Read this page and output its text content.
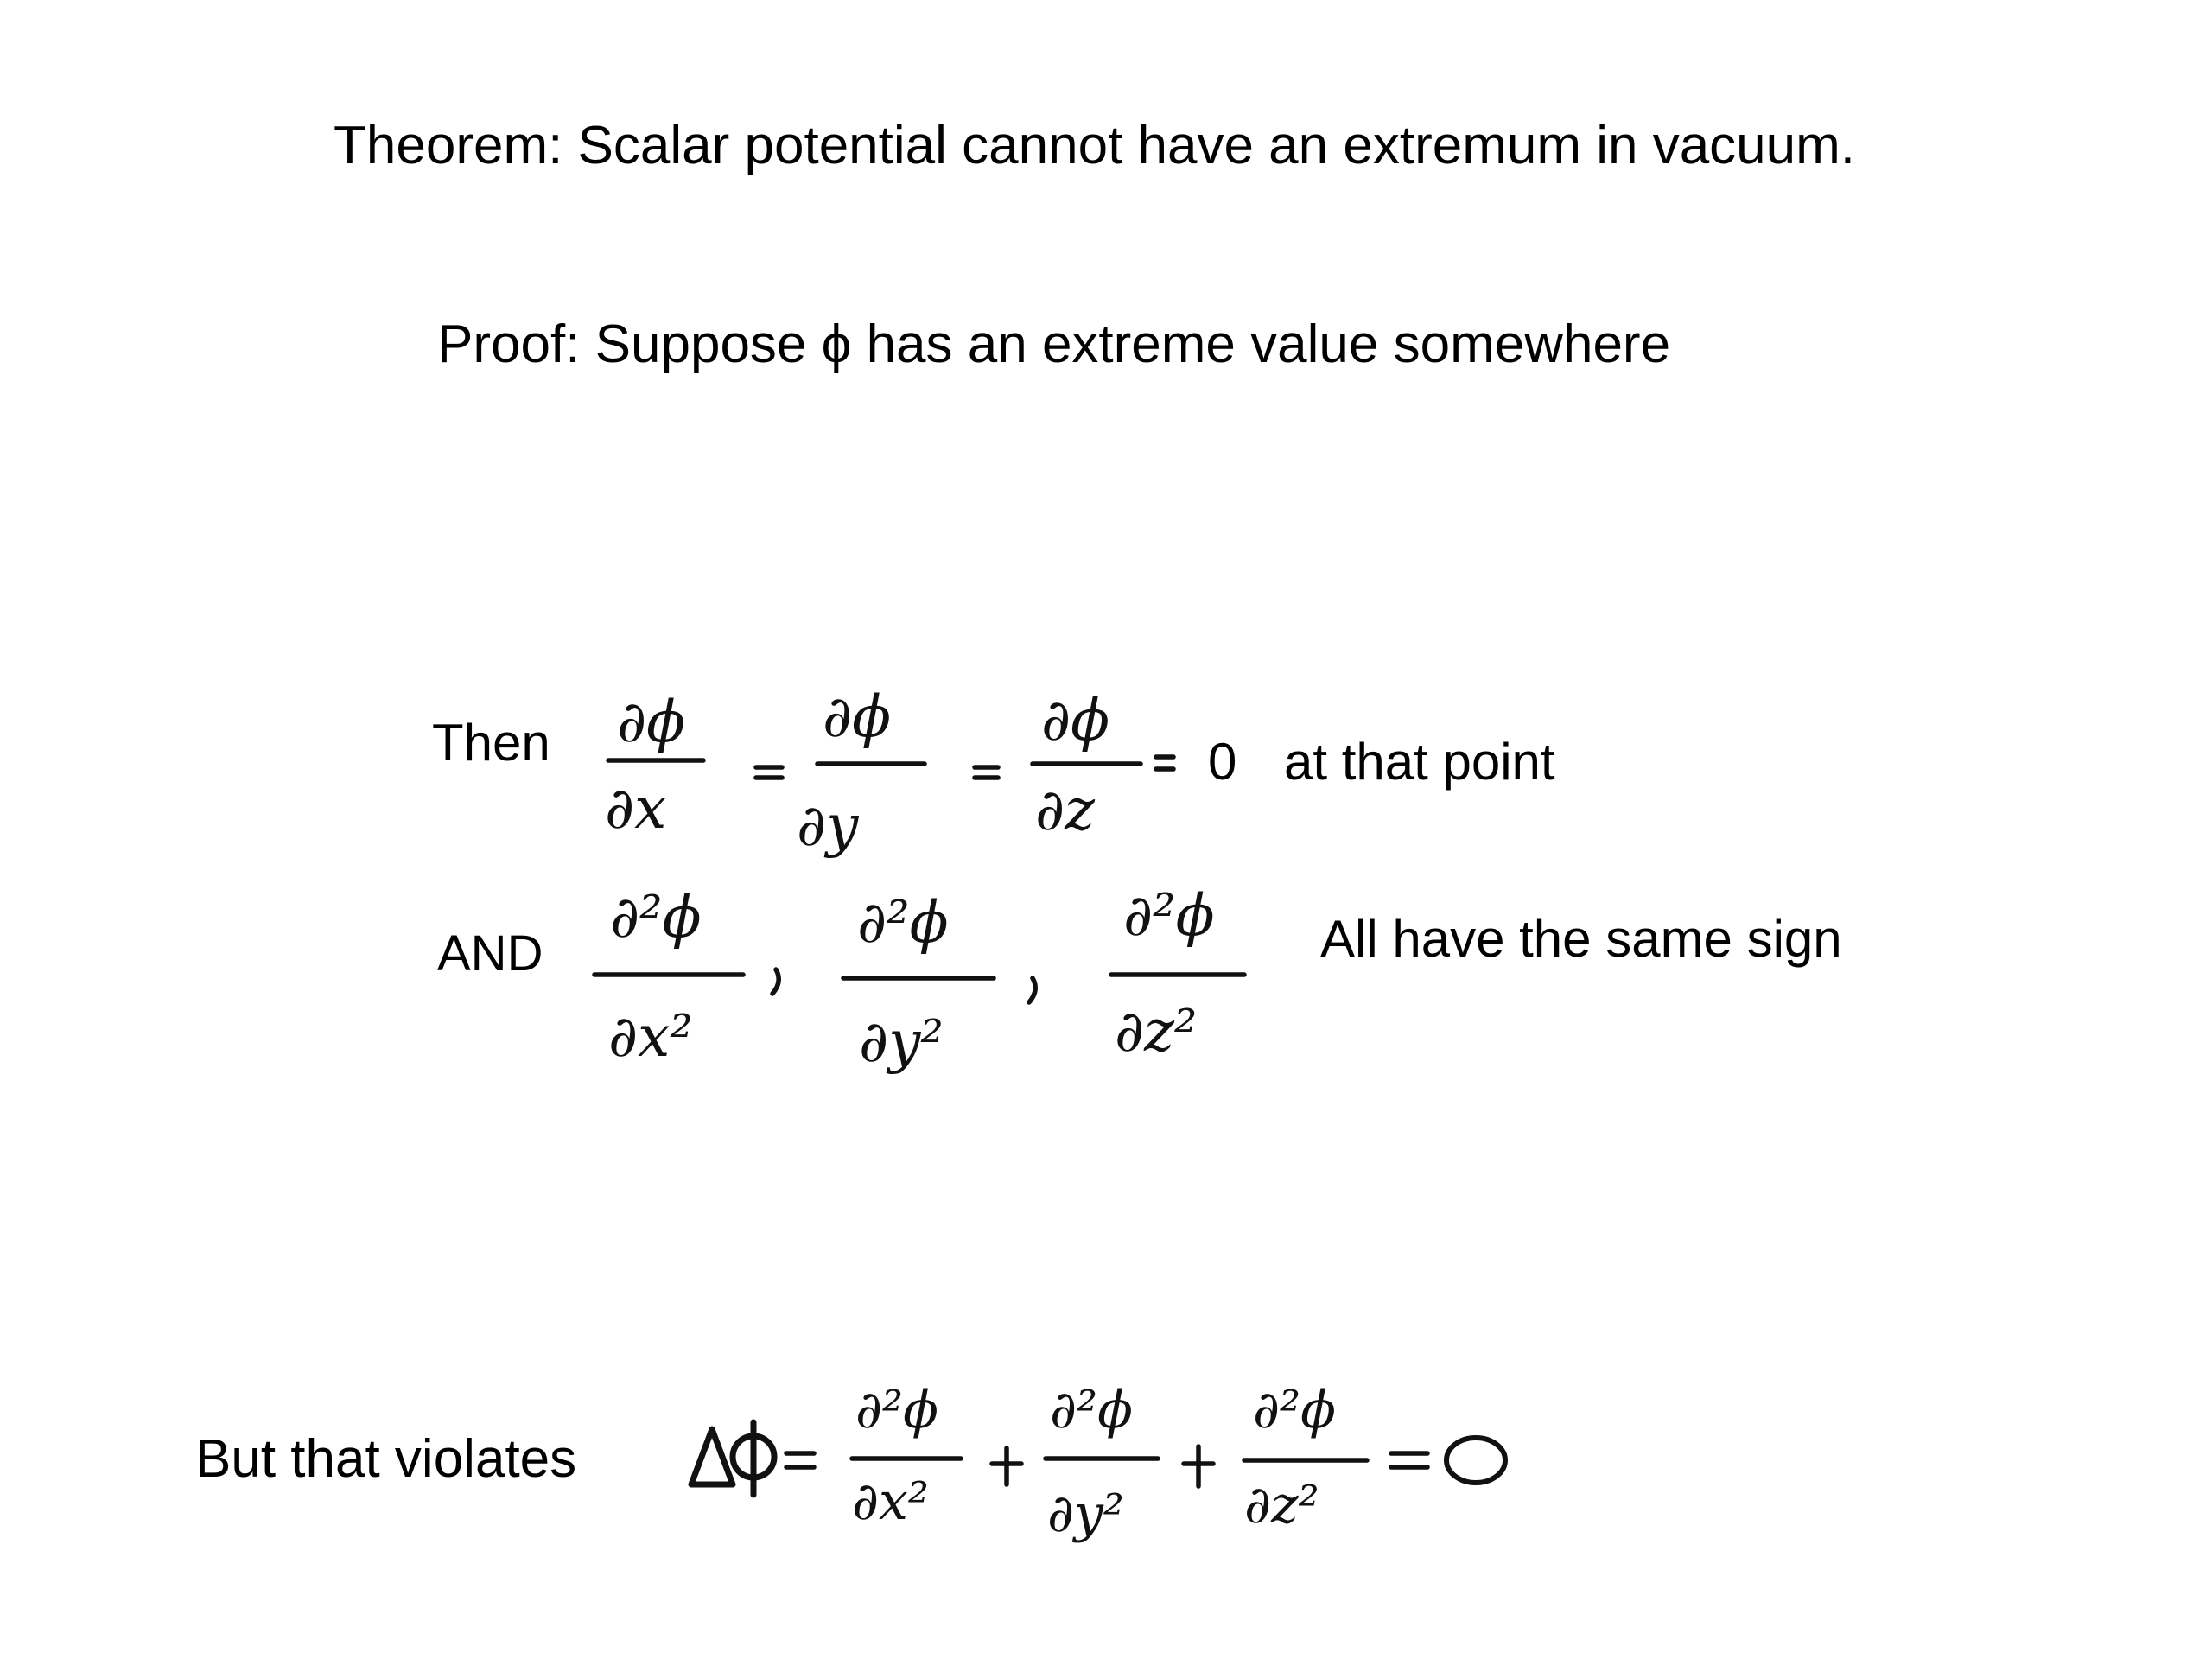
Theorem: Scalar potential cannot have an extremum in vacuum.
Proof: Suppose ϕ has an extreme value somewhere
Then	at that point
AND	All have the same sign
But that violates
∂ϕ
∂x
∂ϕ
∂y
∂ϕ
∂z
0
∂²ϕ
∂x²
∂²ϕ
∂y²
∂²ϕ
∂z²
∂²ϕ
∂x²
∂²ϕ
∂y²
∂²ϕ
∂z²
